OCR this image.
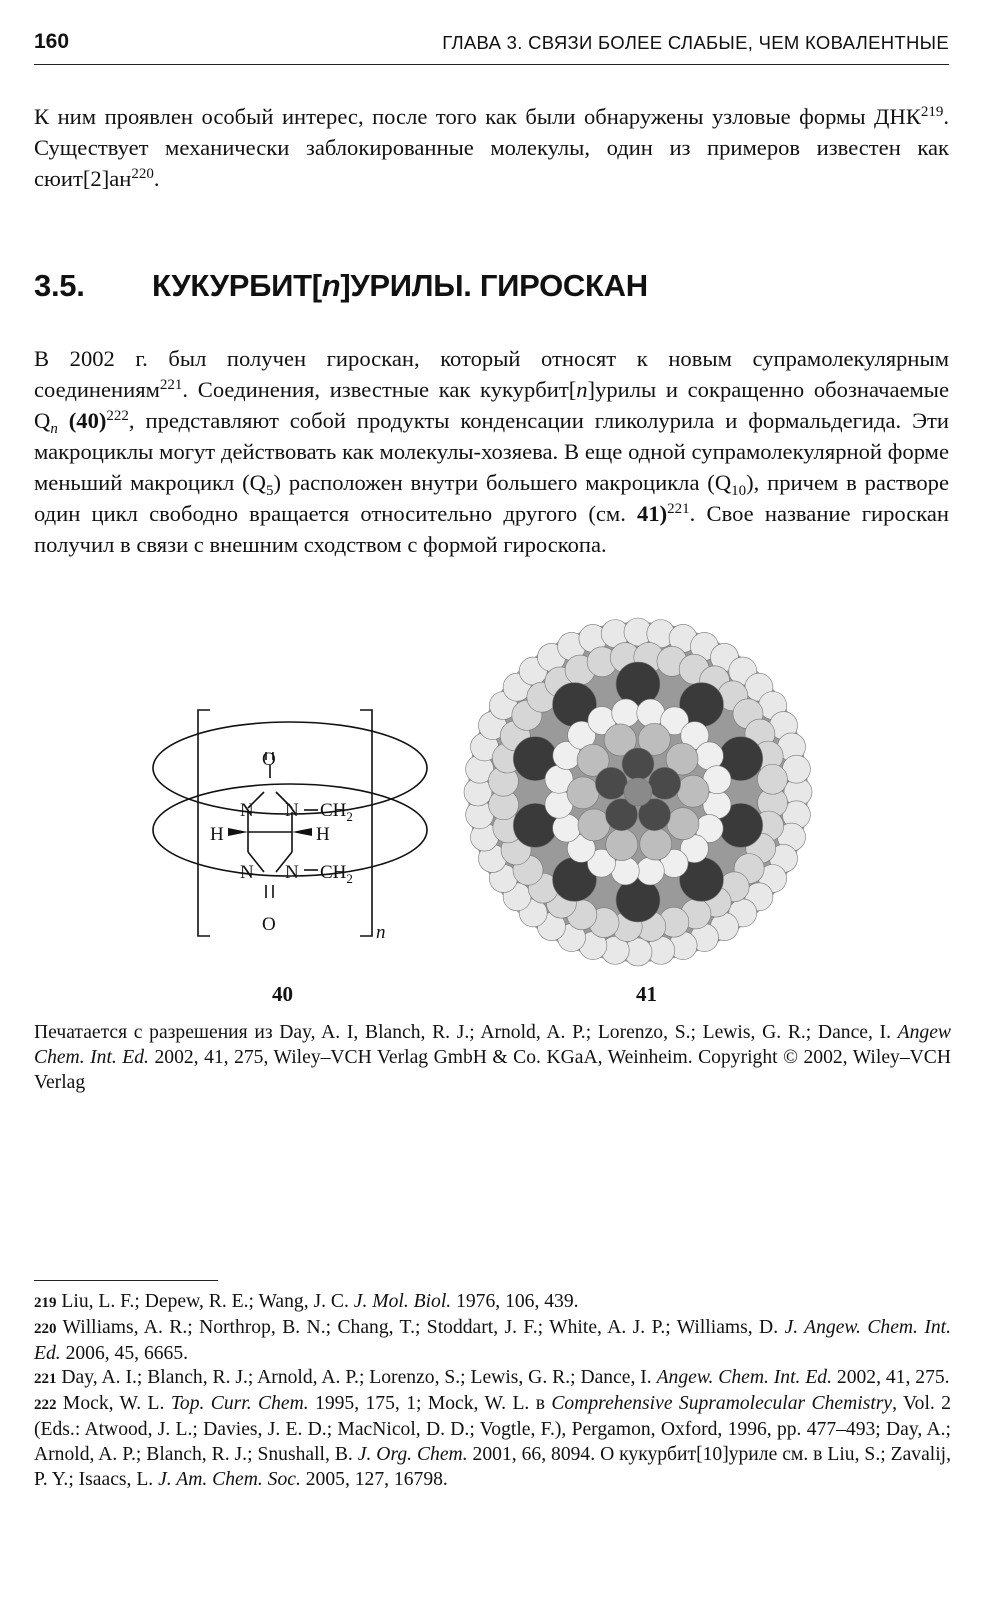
160	ГЛАВА 3. СВЯЗИ БОЛЕЕ СЛАБЫЕ, ЧЕМ КОВАЛЕНТНЫЕ

К ним проявлен особый интерес, после того как были обнаружены узловые формы ДНК$^{219}$. Существует механически заблокированные молекулы, один из примеров известен как $сюит[2]ан^{220}$.

3.5. КУКУРБИТ[n]УРИЛЫ. ГИРОСКАН

В 2002 г. был получен гироскан, который относят к новым супрамолекулярным соединениям$^{221}$. Соединения, известные как кукурбит[n]урилы и сокращенно обозначаемые $Q_n$ $(40)^{222}$, представляют собой продукты конденсации гликолурила и формальдегида. Эти макроциклы могут действовать как молекулы-хозяева. В еще одной супрамолекулярной форме меньший макроцикл $(Q_5)$ расположен внутри большего макроцикла $(Q_{10})$, причем в растворе один цикл свободно вращается относительно другого (см. 41)$^{221}$. Свое название гироскан получил в связи с внешним сходством с формой гироскопа.

O
N N
H	H
N N
O
$CH_2$
$CH_2$
n
40	41

Печатается с разрешения из Day, A. I, Blanch, R. J.; Arnold, A. P.; Lorenzo, S.; Lewis, G. R.; Dance, I. Angew Chem. Int. Ed. 2002, 41, 275, Wiley–VCH Verlag GmbH & Co. KGaA, Weinheim. Copyright © 2002, Wiley–VCH Verlag

219 Liu, L. F.; Depew, R. E.; Wang, J. C. J. Mol. Biol. 1976, 106, 439.

220 Williams, A. R.; Northrop, B. N.; Chang, T.; Stoddart, J. F.; White, A. J. P.; Williams, D. J. Angew. Chem. Int. Ed. 2006, 45, 6665.

221 Day, A. I.; Blanch, R. J.; Arnold, A. P.; Lorenzo, S.; Lewis, G. R.; Dance, I. Angew. Chem. Int. Ed. 2002, 41, 275.

222 Mock, W. L. Top. Curr. Chem. 1995, 175, 1; Mock, W. L. в Comprehensive Supramolecular Chemistry, Vol. 2 (Eds.: Atwood, J. L.; Davies, J. E. D.; MacNicol, D. D.; Vogtle, F.), Pergamon, Oxford, 1996, pp. 477–493; Day, A.; Arnold, A. P.; Blanch, R. J.; Snushall, B. J. Org. Chem. 2001, 66, 8094. О кукурбит[10]уриле см. в Liu, S.; Zavalij, P. Y.; Isaacs, L. J. Am. Chem. Soc. 2005, 127, 16798.
